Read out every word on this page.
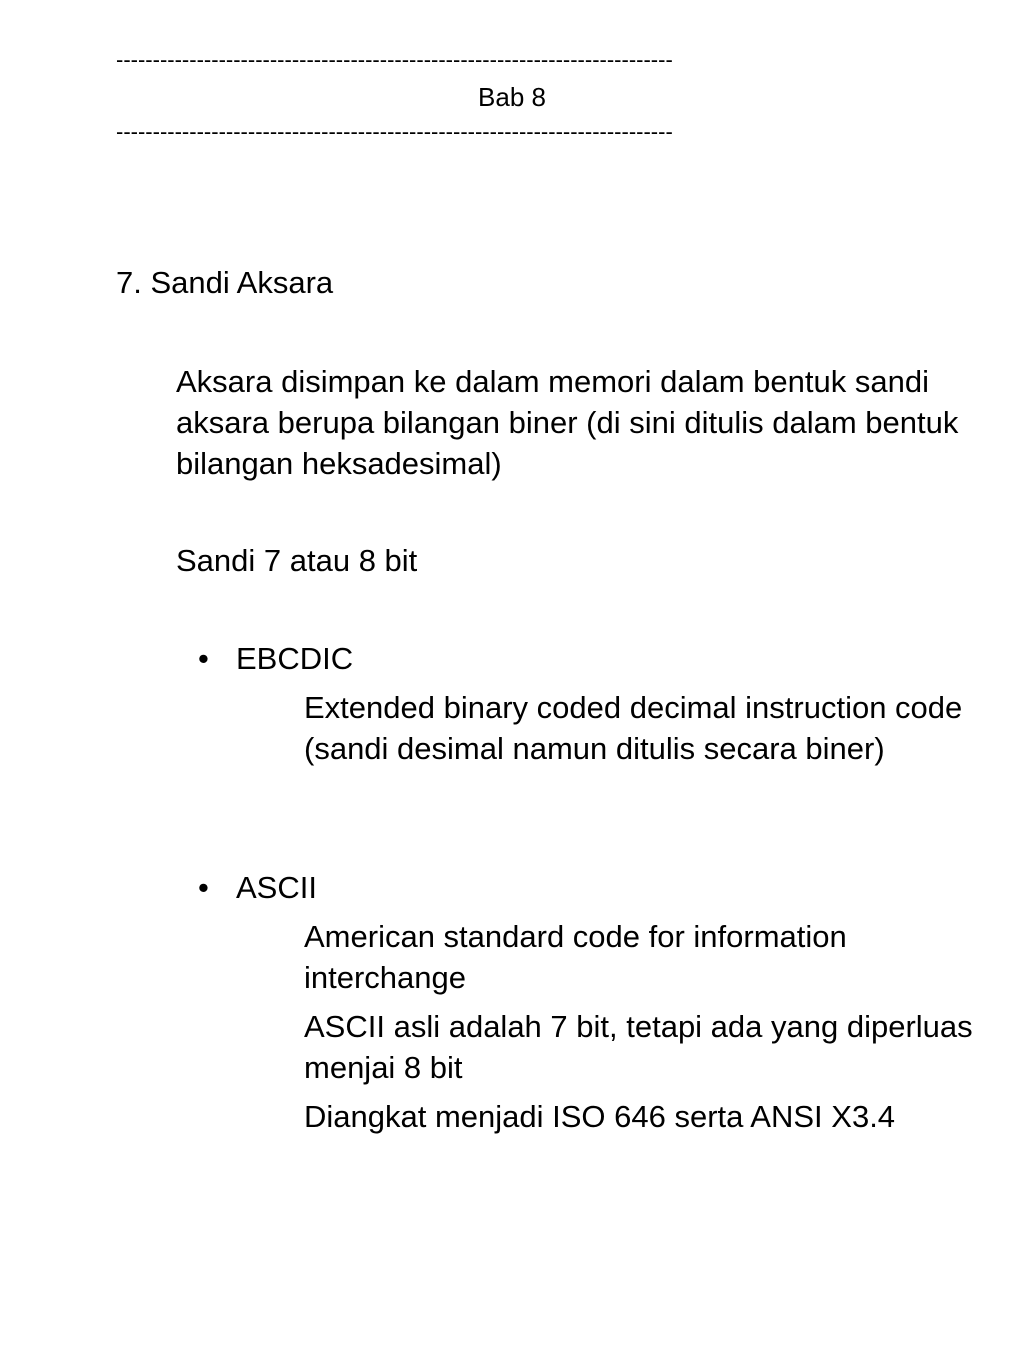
----------------------------------------------------------------------------
Bab 8
----------------------------------------------------------------------------

7. Sandi Aksara

Aksara disimpan ke dalam memori dalam bentuk sandi aksara berupa bilangan biner (di sini ditulis dalam bentuk bilangan heksadesimal)

Sandi 7 atau 8 bit

• EBCDIC

Extended binary coded decimal instruction code (sandi desimal namun ditulis secara biner)

• ASCII

American standard code for information interchange

ASCII asli adalah 7 bit, tetapi ada yang diperluas menjai 8 bit

Diangkat menjadi ISO 646 serta ANSI X3.4
